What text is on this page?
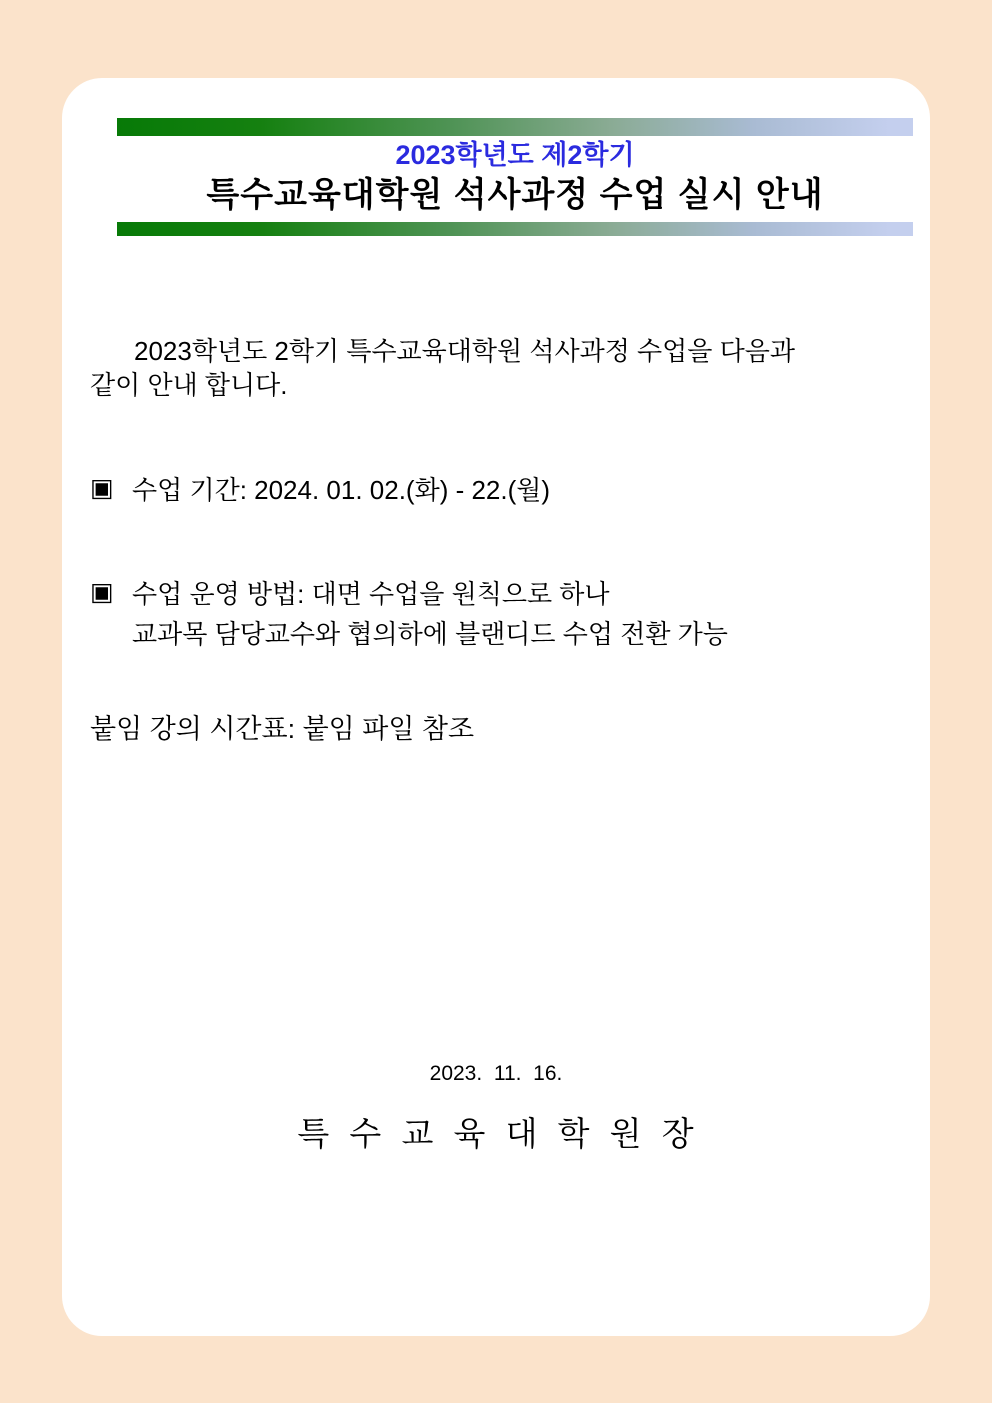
2023학년도 제2학기
특수교육대학원 석사과정 수업 실시 안내
2023학년도 2학기 특수교육대학원 석사과정 수업을 다음과
같이 안내 합니다.
▣ 수업 기간: 2024. 01. 02.(화) - 22.(월)
▣ 수업 운영 방법: 대면 수업을 원칙으로 하나
교과목 담당교수와 협의하에 블랜디드 수업 전환 가능
붙임 강의 시간표: 붙임 파일 참조
2023.  11.  16.
특 수 교 육 대 학 원 장
